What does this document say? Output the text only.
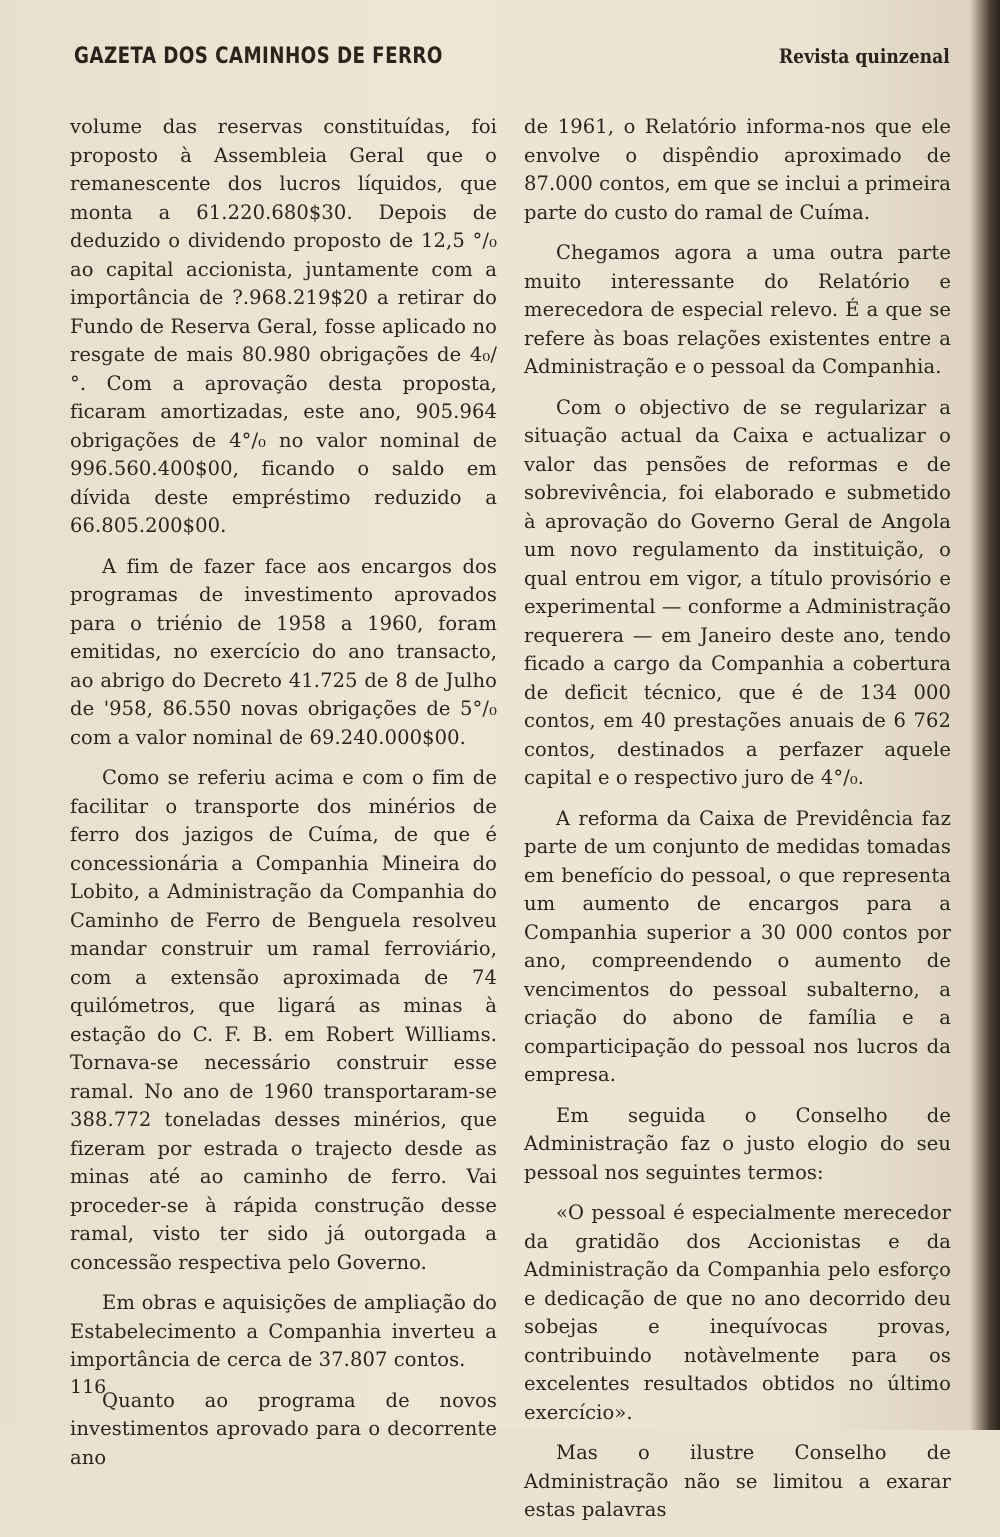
GAZETA DOS CAMINHOS DE FERRO	Revista quinzenal

volume das reservas constituídas, foi proposto à Assembleia Geral que o remanescente dos lucros líquidos, que monta a 61.220.680$30. Depois de deduzido o dividendo proposto de 12,5 °/₀ ao capital accionista, juntamente com a importância de ?.968.219$20 a retirar do Fundo de Reserva Geral, fosse aplicado no resgate de mais 80.980 obrigações de 4₀/°. Com a aprovação desta proposta, ficaram amortizadas, este ano, 905.964 obrigações de 4°/₀ no valor nominal de 996.560.400$00, ficando o saldo em dívida deste empréstimo reduzido a 66.805.200$00.

A fim de fazer face aos encargos dos programas de investimento aprovados para o triénio de 1958 a 1960, foram emitidas, no exercício do ano transacto, ao abrigo do Decreto 41.725 de 8 de Julho de ꞌ958, 86.550 novas obrigações de 5°/₀ com a valor nominal de 69.240.000$00.

Como se referiu acima e com o fim de facilitar o transporte dos minérios de ferro dos jazigos de Cuíma, de que é concessionária a Companhia Mineira do Lobito, a Administração da Companhia do Caminho de Ferro de Benguela resolveu mandar construir um ramal ferroviário, com a extensão aproximada de 74 quilómetros, que ligará as minas à estação do C. F. B. em Robert Williams. Tornava-se necessário construir esse ramal. No ano de 1960 transportaram-se 388.772 toneladas desses minérios, que fizeram por estrada o trajecto desde as minas até ao caminho de ferro. Vai proceder-se à rápida construção desse ramal, visto ter sido já outorgada a concessão respectiva pelo Governo.

Em obras e aquisições de ampliação do Estabelecimento a Companhia inverteu a importância de cerca de 37.807 contos.

Quanto ao programa de novos investimentos aprovado para o decorrente ano

de 1961, o Relatório informa-nos que ele envolve o dispêndio aproximado de 87.000 contos, em que se inclui a primeira parte do custo do ramal de Cuíma.

Chegamos agora a uma outra parte muito interessante do Relatório e merecedora de especial relevo. É a que se refere às boas relações existentes entre a Administração e o pessoal da Companhia.

Com o objectivo de se regularizar a situação actual da Caixa e actualizar o valor das pensões de reformas e de sobrevivência, foi elaborado e submetido à aprovação do Governo Geral de Angola um novo regulamento da instituição, o qual entrou em vigor, a título provisório e experimental — conforme a Administração requerera — em Janeiro deste ano, tendo ficado a cargo da Companhia a cobertura de deficit técnico, que é de 134 000 contos, em 40 prestações anuais de 6 762 contos, destinados a perfazer aquele capital e o respectivo juro de 4°/₀.

A reforma da Caixa de Previdência faz parte de um conjunto de medidas tomadas em benefício do pessoal, o que representa um aumento de encargos para a Companhia superior a 30 000 contos por ano, compreendendo o aumento de vencimentos do pessoal subalterno, a criação do abono de família e a comparticipação do pessoal nos lucros da empresa.

Em seguida o Conselho de Administração faz o justo elogio do seu pessoal nos seguintes termos:

«O pessoal é especialmente merecedor da gratidão dos Accionistas e da Administração da Companhia pelo esforço e dedicação de que no ano decorrido deu sobejas e inequívocas provas, contribuindo notàvelmente para os excelentes resultados obtidos no último exercício».

Mas o ilustre Conselho de Administração não se limitou a exarar estas palavras

116
